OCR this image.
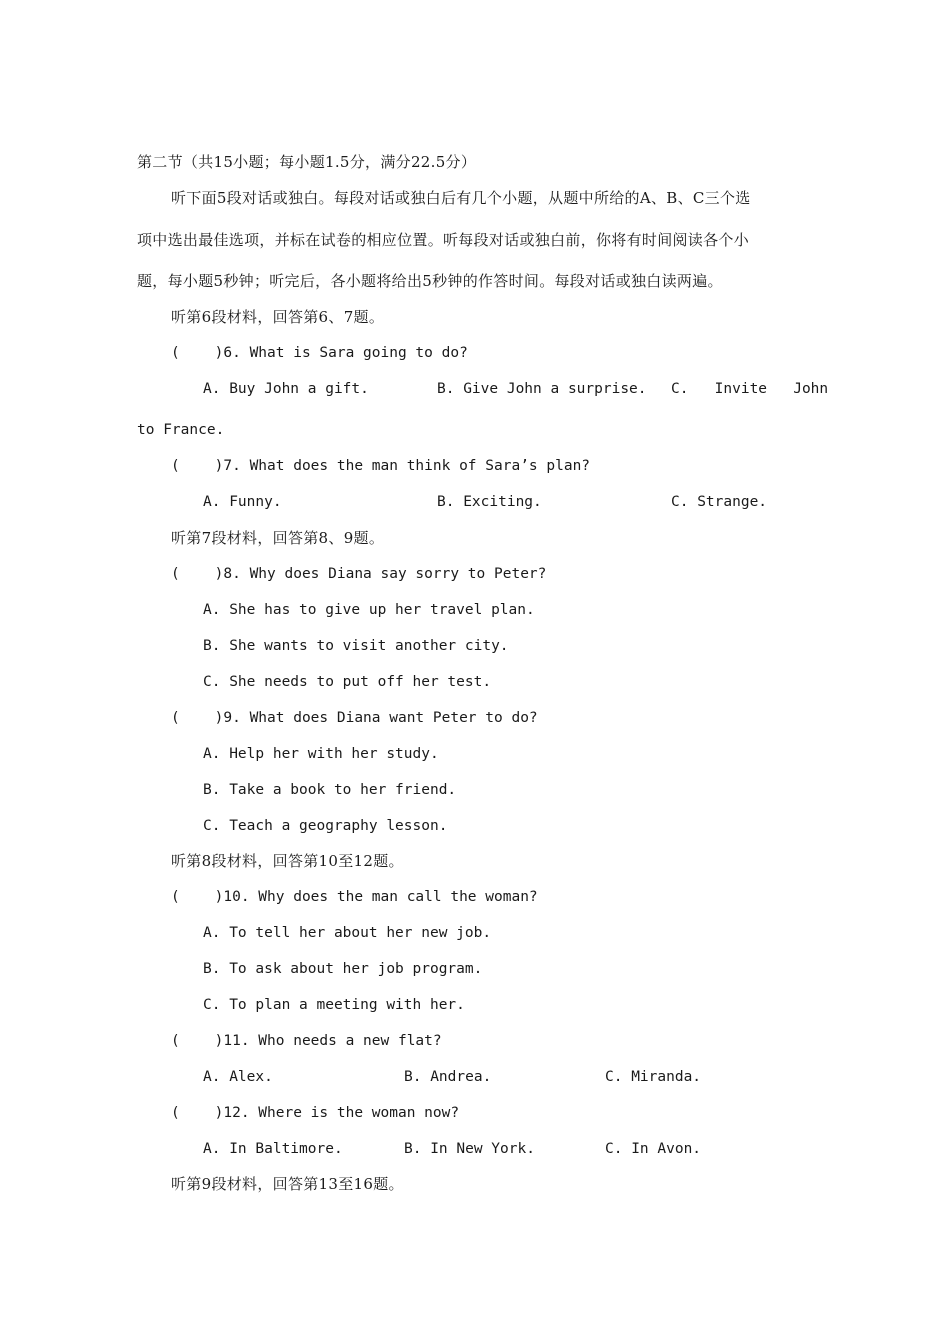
第二节（共15小题；每小题1.5分，满分22.5分）
听下面5段对话或独白。每段对话或独白后有几个小题，从题中所给的A、B、C三个选
项中选出最佳选项，并标在试卷的相应位置。听每段对话或独白前，你将有时间阅读各个小
题，每小题5秒钟；听完后，各小题将给出5秒钟的作答时间。每段对话或独白读两遍。
听第6段材料，回答第6、7题。
(    )6. What is Sara going to do?
A. Buy John a gift.	B. Give John a surprise. C.   Invite   John
to France.
(    )7. What does the man think of Sara’s plan?
A. Funny.	B. Exciting.	C. Strange.
听第7段材料，回答第8、9题。
(    )8. Why does Diana say sorry to Peter?
A. She has to give up her travel plan.
B. She wants to visit another city.
C. She needs to put off her test.
(    )9. What does Diana want Peter to do?
A. Help her with her study.
B. Take a book to her friend.
C. Teach a geography lesson.
听第8段材料，回答第10至12题。
(    )10. Why does the man call the woman?
A. To tell her about her new job.
B. To ask about her job program.
C. To plan a meeting with her.
(    )11. Who needs a new flat?
A. Alex.	B. Andrea.	C. Miranda.
(    )12. Where is the woman now?
A. In Baltimore.	B. In New York.	C. In Avon.
听第9段材料，回答第13至16题。
